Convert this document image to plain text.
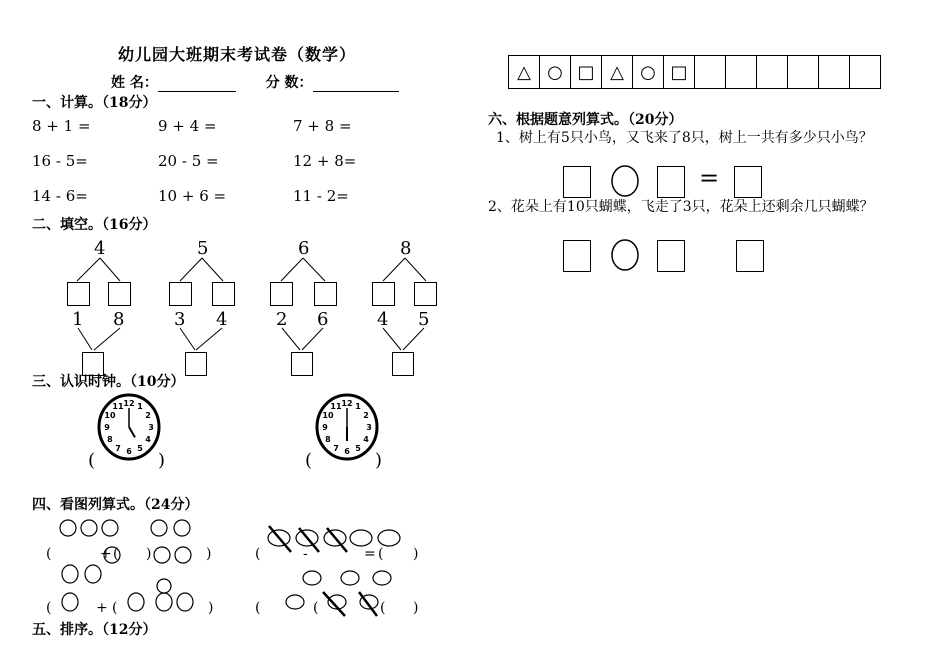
幼儿园大班期末考试卷（数学）
姓 名：	分 数：
一、计算。（18分）
8 + 1 =	9 + 4 =	7 + 8 =
16 - 5=	20 - 5 =	12 + 8=
14 - 6=	10 + 6 =	11 - 2=
二、填空。（16分）
4
1 8
5
3 4
6
2 6
8
4 5
三、认识时钟。（10分）
12 1
2
3
4
5
6
7
8
9
10
11	12 1
2
3
4
5
6
7
8
9
10
11
(	)	(	)
四、看图列算式。（24分）
(	+ ( )	)
(	+ (	)
(	-	= ( )
(	(	( )
五、排序。（12分）
△	○	□	△	○	□						
六、根据题意列算式。（20分）
1、树上有5只小鸟，又飞来了8只，树上一共有多少只小鸟？
=
2、花朵上有10只蝴蝶，飞走了3只，花朵上还剩余几只蝴蝶？
